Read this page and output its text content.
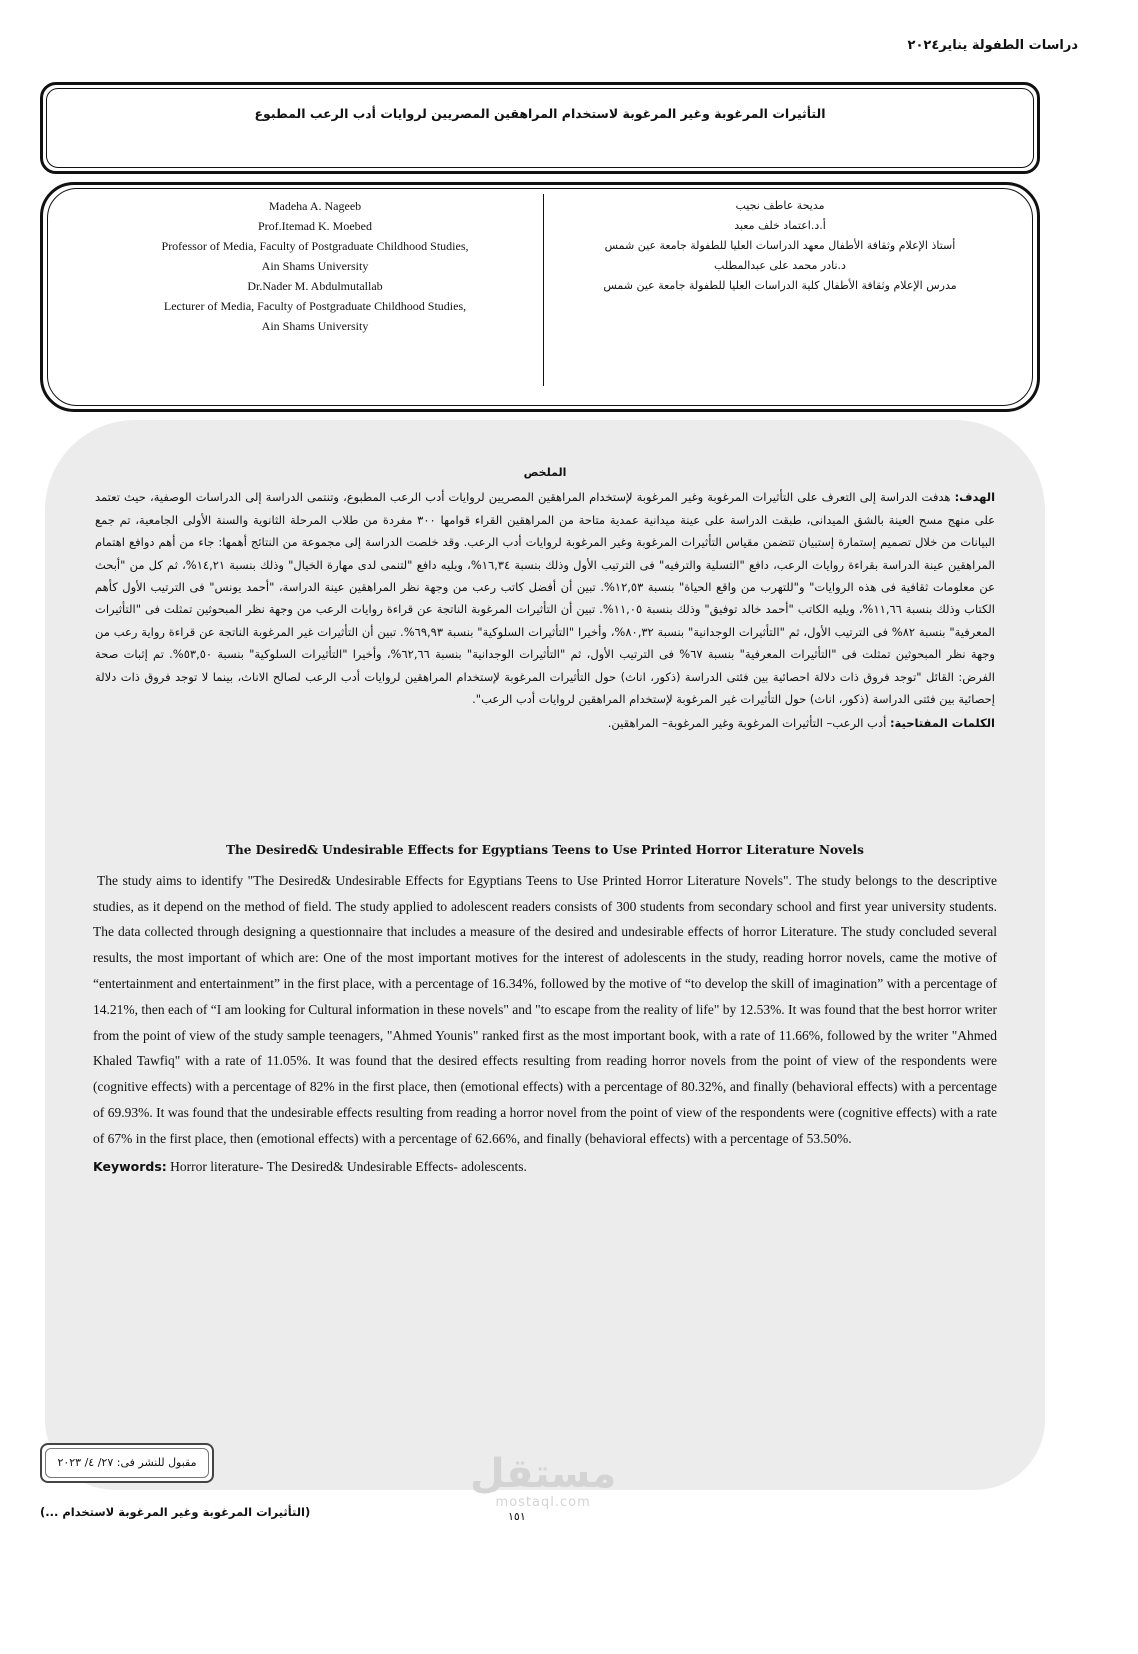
دراسات الطفولة يناير٢٠٢٤
التأثيرات المرغوبة وغير المرغوبة لاستخدام المراهقين المصريين لروايات أدب الرعب المطبوع
Madeha A. Nageeb
Prof.Itemad K. Moebed
Professor of Media, Faculty of Postgraduate Childhood Studies,
Ain Shams University
Dr.Nader M. Abdulmutallab
Lecturer of Media, Faculty of Postgraduate Childhood Studies,
Ain Shams University
مديحة عاطف نجيب
أ.د.اعتماد خلف معبد
أستاذ الإعلام وثقافة الأطفال معهد الدراسات العليا للطفولة جامعة عين شمس
د.نادر محمد على عبدالمطلب
مدرس الإعلام وثقافة الأطفال كلية الدراسات العليا للطفولة جامعة عين شمس
الملخص
الهدف: هدفت الدراسة إلى التعرف على التأثيرات المرغوبة وغير المرغوبة لإستخدام المراهقين المصريين لروايات أدب الرعب المطبوع، وتنتمى الدراسة إلى الدراسات الوصفية، حيث تعتمد على منهج مسح العينة بالشق الميدانى، طبقت الدراسة على عينة ميدانية عمدية متاحة من المراهقين القراء قوامها ٣٠٠ مفردة من طلاب المرحلة الثانوية والسنة الأولى الجامعية، تم جمع البيانات من خلال تصميم إستمارة إستبيان تتضمن مقياس التأثيرات المرغوبة وغير المرغوبة لروايات أدب الرعب. وقد خلصت الدراسة إلى مجموعة من النتائج أهمها: جاء من أهم دوافع اهتمام المراهقين عينة الدراسة بقراءة روايات الرعب، دافع "التسلية والترفيه" فى الترتيب الأول وذلك بنسبة ١٦,٣٤%، ويليه دافع "لتنمى لدى مهارة الخيال" وذلك بنسبة ١٤,٢١%، ثم كل من "أبحث عن معلومات ثقافية فى هذه الروايات" و"للتهرب من واقع الحياة" بنسبة ١٢,٥٣%. تبين أن أفضل كاتب رعب من وجهة نظر المراهقين عينة الدراسة، "أحمد يونس" فى الترتيب الأول كأهم الكتاب وذلك بنسبة ١١,٦٦%، ويليه الكاتب "أحمد خالد توفيق" وذلك بنسبة ١١,٠٥%. تبين أن التأثيرات المرغوبة الناتجة عن قراءة روايات الرعب من وجهة نظر المبحوثين تمثلت فى "التأثيرات المعرفية" بنسبة ٨٢% فى الترتيب الأول، ثم "التأثيرات الوجدانية" بنسبة ٨٠,٣٢%، وأخيرا "التأثيرات السلوكية" بنسبة ٦٩,٩٣%. تبين أن التأثيرات غير المرغوبة الناتجة عن قراءة رواية رعب من وجهة نظر المبحوثين تمثلت فى "التأثيرات المعرفية" بنسبة ٦٧% فى الترتيب الأول، ثم "التأثيرات الوجدانية" بنسبة ٦٢,٦٦%، وأخيرا "التأثيرات السلوكية" بنسبة ٥٣,٥٠%. تم إثبات صحة الفرض: القائل "توجد فروق ذات دلالة احصائية بين فئتى الدراسة (ذكور، اناث) حول التأثيرات المرغوبة لإستخدام المراهقين لروايات أدب الرعب لصالح الاناث، بينما لا توجد فروق ذات دلالة إحصائية بين فئتى الدراسة (ذكور، اناث) حول التأثيرات غير المرغوبة لإستخدام المراهقين لروايات أدب الرعب".
الكلمات المفتاحية: أدب الرعب– التأثيرات المرغوبة وغير المرغوبة– المراهقين.
The Desired& Undesirable Effects for Egyptians Teens to Use Printed Horror Literature Novels
The study aims to identify "The Desired& Undesirable Effects for Egyptians Teens to Use Printed Horror Literature Novels". The study belongs to the descriptive studies, as it depend on the method of field. The study applied to adolescent readers consists of 300 students from secondary school and first year university students. The data collected through designing a questionnaire that includes a measure of the desired and undesirable effects of horror Literature. The study concluded several results, the most important of which are: One of the most important motives for the interest of adolescents in the study, reading horror novels, came the motive of “entertainment and entertainment” in the first place, with a percentage of 16.34%, followed by the motive of “to develop the skill of imagination” with a percentage of 14.21%, then each of “I am looking for Cultural information in these novels" and "to escape from the reality of life" by 12.53%. It was found that the best horror writer from the point of view of the study sample teenagers, "Ahmed Younis" ranked first as the most important book, with a rate of 11.66%, followed by the writer "Ahmed Khaled Tawfiq" with a rate of 11.05%. It was found that the desired effects resulting from reading horror novels from the point of view of the respondents were (cognitive effects) with a percentage of 82% in the first place, then (emotional effects) with a percentage of 80.32%, and finally (behavioral effects) with a percentage of 69.93%. It was found that the undesirable effects resulting from reading a horror novel from the point of view of the respondents were (cognitive effects) with a rate of 67% in the first place, then (emotional effects) with a percentage of 62.66%, and finally (behavioral effects) with a percentage of 53.50%.
Keywords: Horror literature- The Desired& Undesirable Effects- adolescents.
مقبول للنشر فى: ٢٧/ ٤/ ٢٠٢٣	مستقل
mostaql.com
١٥١
(التأثيرات المرغوبة وغير المرغوبة لاستخدام ...)
